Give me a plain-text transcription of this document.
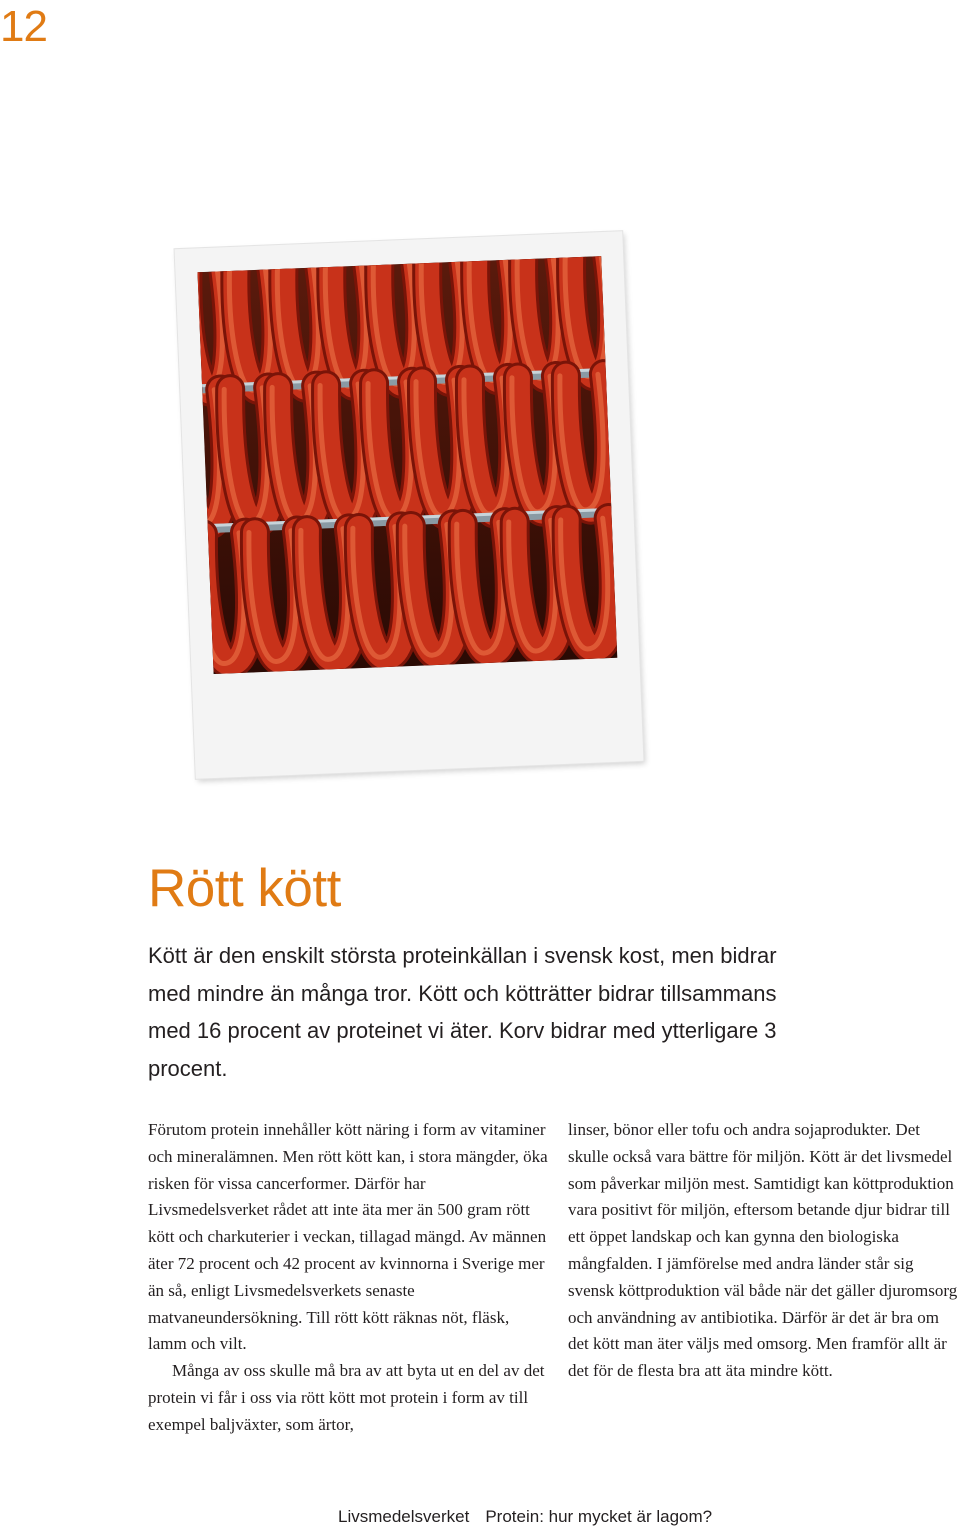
12
Rött kött

Kött är den enskilt största proteinkällan i svensk kost, men bidrar med mindre än många tror. Kött och kötträtter bidrar tillsammans med 16 procent av proteinet vi äter. Korv bidrar med ytterligare 3 procent.

Förutom protein innehåller kött näring i form av vitaminer och mineralämnen. Men rött kött kan, i stora mängder, öka risken för vissa cancerformer. Därför har Livsmedelsverket rådet att inte äta mer än 500 gram rött kött och charkuterier i veckan, tillagad mängd. Av männen äter 72 procent och 42 procent av kvinnorna i Sverige mer än så, enligt Livsmedelsverkets senaste matvaneundersökning. Till rött kött räknas nöt, fläsk, lamm och vilt.

Många av oss skulle må bra av att byta ut en del av det protein vi får i oss via rött kött mot protein i form av till exempel baljväxter, som ärtor,

linser, bönor eller tofu och andra sojaprodukter. Det skulle också vara bättre för miljön. Kött är det livsmedel som påverkar miljön mest. Samtidigt kan köttproduktion vara positivt för miljön, eftersom betande djur bidrar till ett öppet landskap och kan gynna den biologiska mångfalden. I jämförelse med andra länder står sig svensk köttproduktion väl både när det gäller djuromsorg och användning av antibiotika. Därför är det är bra om det kött man äter väljs med omsorg. Men framför allt är det för de flesta bra att äta mindre kött.

Livsmedelsverket Protein: hur mycket är lagom?
